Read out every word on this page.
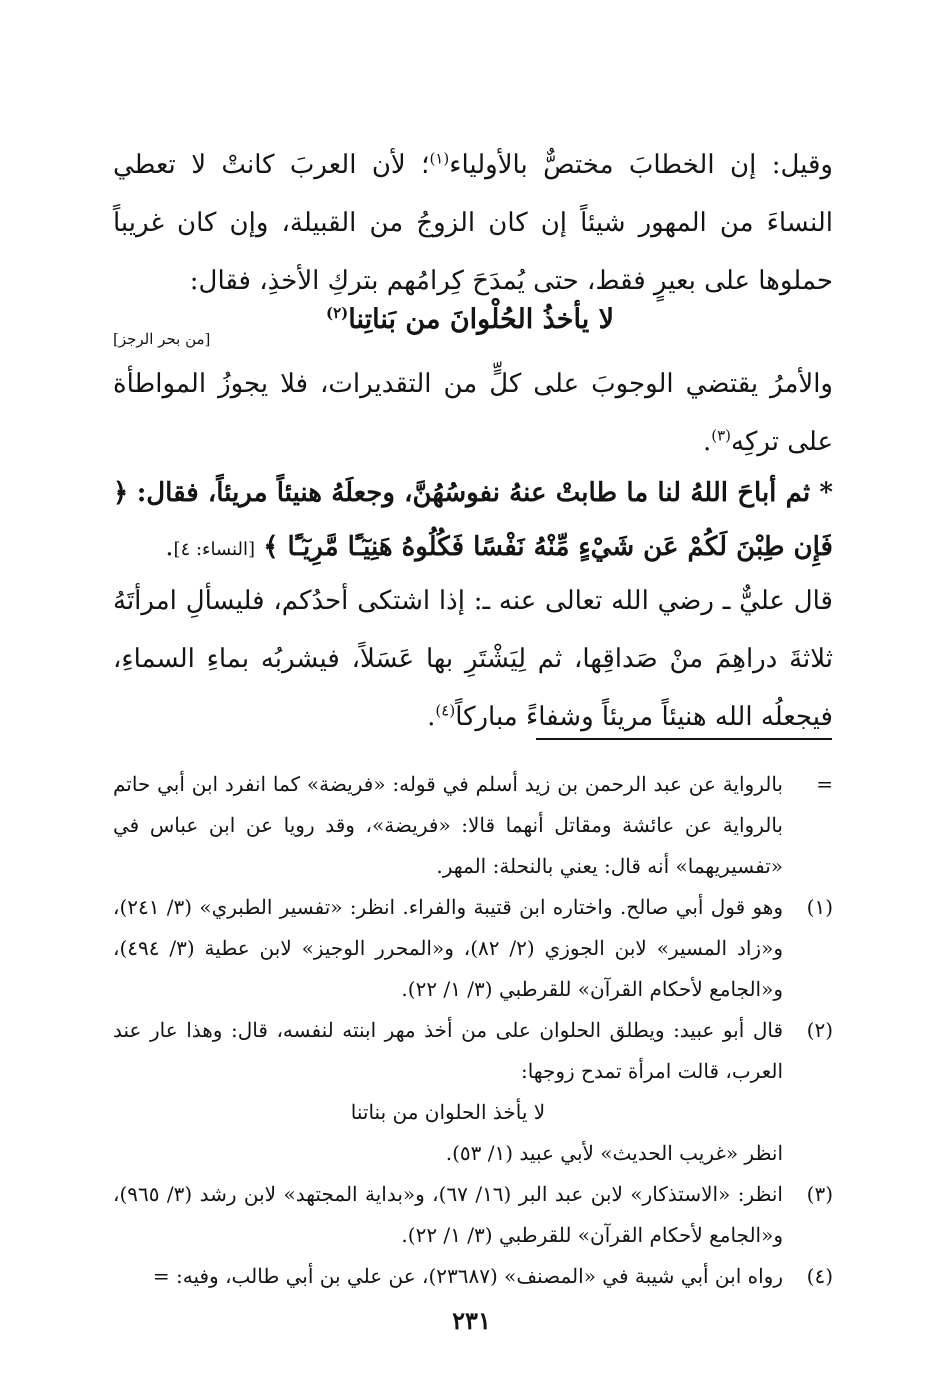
وقيل: إن الخطابَ مختصٌّ بالأولياء$^{(١)}$؛ لأن العربَ كانتْ لا تعطي النساءَ من المهور شيئاً إن كان الزوجُ من القبيلة، وإن كان غريباً حملوها على بعيرٍ فقط، حتى يُمدَحَ كِرامُهم بتركِ الأخذِ، فقال:
[من بحر الرجز]
لا يأخذُ الحُلْوانَ من بَناتِنا$^{(٢)}$
والأمرُ يقتضي الوجوبَ على كلٍّ من التقديرات، فلا يجوزُ المواطأة على تركِه$^{(٣)}$.
* ثم أباحَ اللهُ لنا ما طابتْ عنهُ نفوسُهُنَّ، وجعلَهُ هنيئاً مريئاً، فقال: ﴿ فَإِن طِبْنَ لَكُمْ عَن شَيْءٍ مِّنْهُ نَفْسًا فَكُلُوهُ هَنِيٓـًٔا مَّرِيٓـًٔا ﴾ [النساء: ٤].
قال عليٌّ ـ رضي الله تعالى عنه ـ: إذا اشتكى أحدُكم، فليسألِ امرأتَهُ ثلاثةَ دراهِمَ منْ صَداقِها، ثم لِيَشْتَرِ بها عَسَلاً، فيشربُه بماءِ السماءِ، فيجعلُه الله هنيئاً مريئاً وشفاءً مباركاً$^{(٤)}$.
=
بالرواية عن عبد الرحمن بن زيد أسلم في قوله: «فريضة» كما انفرد ابن أبي حاتم بالرواية عن عائشة ومقاتل أنهما قالا: «فريضة»، وقد رويا عن ابن عباس في «تفسيريهما» أنه قال: يعني بالنحلة: المهر.
(١)
وهو قول أبي صالح. واختاره ابن قتيبة والفراء. انظر: «تفسير الطبري» (٣/ ٢٤١)، و«زاد المسير» لابن الجوزي (٢/ ٨٢)، و«المحرر الوجيز» لابن عطية (٣/ ٤٩٤)، و«الجامع لأحكام القرآن» للقرطبي (٣/ ١/ ٢٢).
(٢)
قال أبو عبيد: ويطلق الحلوان على من أخذ مهر ابنته لنفسه، قال: وهذا عار عند العرب، قالت امرأة تمدح زوجها:
لا يأخذ الحلوان من بناتنا
انظر «غريب الحديث» لأبي عبيد (١/ ٥٣).
(٣)
انظر: «الاستذكار» لابن عبد البر (١٦/ ٦٧)، و«بداية المجتهد» لابن رشد (٣/ ٩٦٥)، و«الجامع لأحكام القرآن» للقرطبي (٣/ ١/ ٢٢).
(٤)
رواه ابن أبي شيبة في «المصنف» (٢٣٦٨٧)، عن علي بن أبي طالب، وفيه: =
٢٣١
